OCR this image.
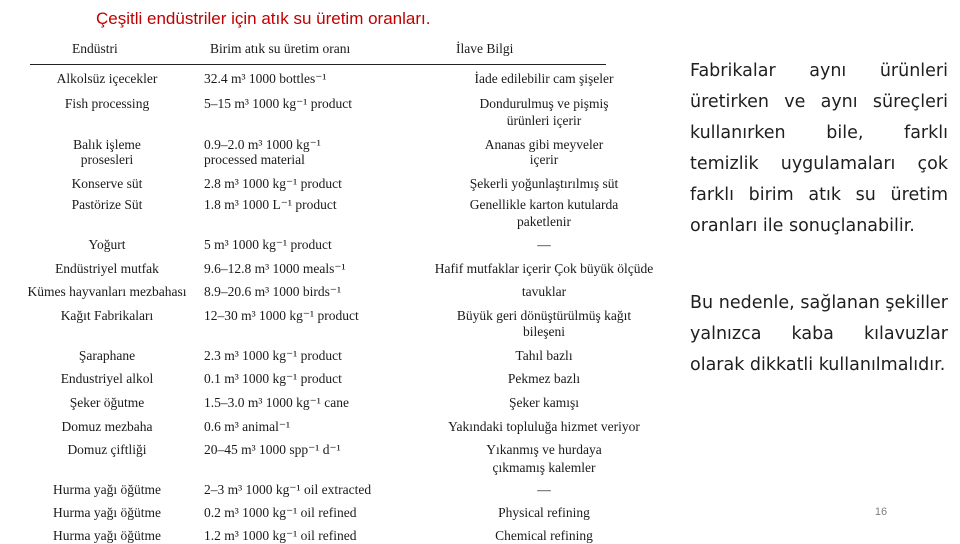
Çeşitli endüstriler için atık su üretim oranları.
Endüstri	Birim atık su üretim oranı	İlave Bilgi
Alkolsüz içecekler	32.4 m³ 1000 bottles⁻¹	İade edilebilir cam şişeler
Fish processing	5–15 m³ 1000 kg⁻¹ product	Dondurulmuş ve pişmiş
ürünleri içerir
Balık işleme	0.9–2.0 m³ 1000 kg⁻¹	Ananas gibi meyveler
prosesleri	processed material	içerir
Konserve süt	2.8 m³ 1000 kg⁻¹ product	Şekerli yoğunlaştırılmış süt
Pastörize Süt	1.8 m³ 1000 L⁻¹ product	Genellikle karton kutularda
paketlenir
Yoğurt	5 m³ 1000 kg⁻¹ product	—
Endüstriyel mutfak	9.6–12.8 m³ 1000 meals⁻¹	Hafif mutfaklar içerir Çok büyük ölçüde
Kümes hayvanları mezbahası	8.9–20.6 m³ 1000 birds⁻¹	tavuklar
Kağıt Fabrikaları	12–30 m³ 1000 kg⁻¹ product	Büyük geri dönüştürülmüş kağıt
bileşeni
Şaraphane	2.3 m³ 1000 kg⁻¹ product	Tahıl bazlı
Endustriyel alkol	0.1 m³ 1000 kg⁻¹ product	Pekmez bazlı
Şeker öğutme	1.5–3.0 m³ 1000 kg⁻¹ cane	Şeker kamışı
Domuz mezbaha	0.6 m³ animal⁻¹	Yakındaki topluluğa hizmet veriyor
Domuz çiftliği	20–45 m³ 1000 spp⁻¹ d⁻¹	Yıkanmış ve hurdaya
çıkmamış kalemler
Hurma yağı öğütme	2–3 m³ 1000 kg⁻¹ oil extracted	—
Hurma yağı öğütme	0.2 m³ 1000 kg⁻¹ oil refined	Physical refining
Hurma yağı öğütme	1.2 m³ 1000 kg⁻¹ oil refined	Chemical refining
Fabrikalar aynı ürünleri üretirken ve aynı süreçleri kullanırken bile, farklı temizlik uygulamaları çok farklı birim atık su üretim oranları ile sonuçlanabilir.
Bu nedenle, sağlanan şekiller yalnızca kaba kılavuzlar olarak dikkatli kullanılmalıdır.
16
